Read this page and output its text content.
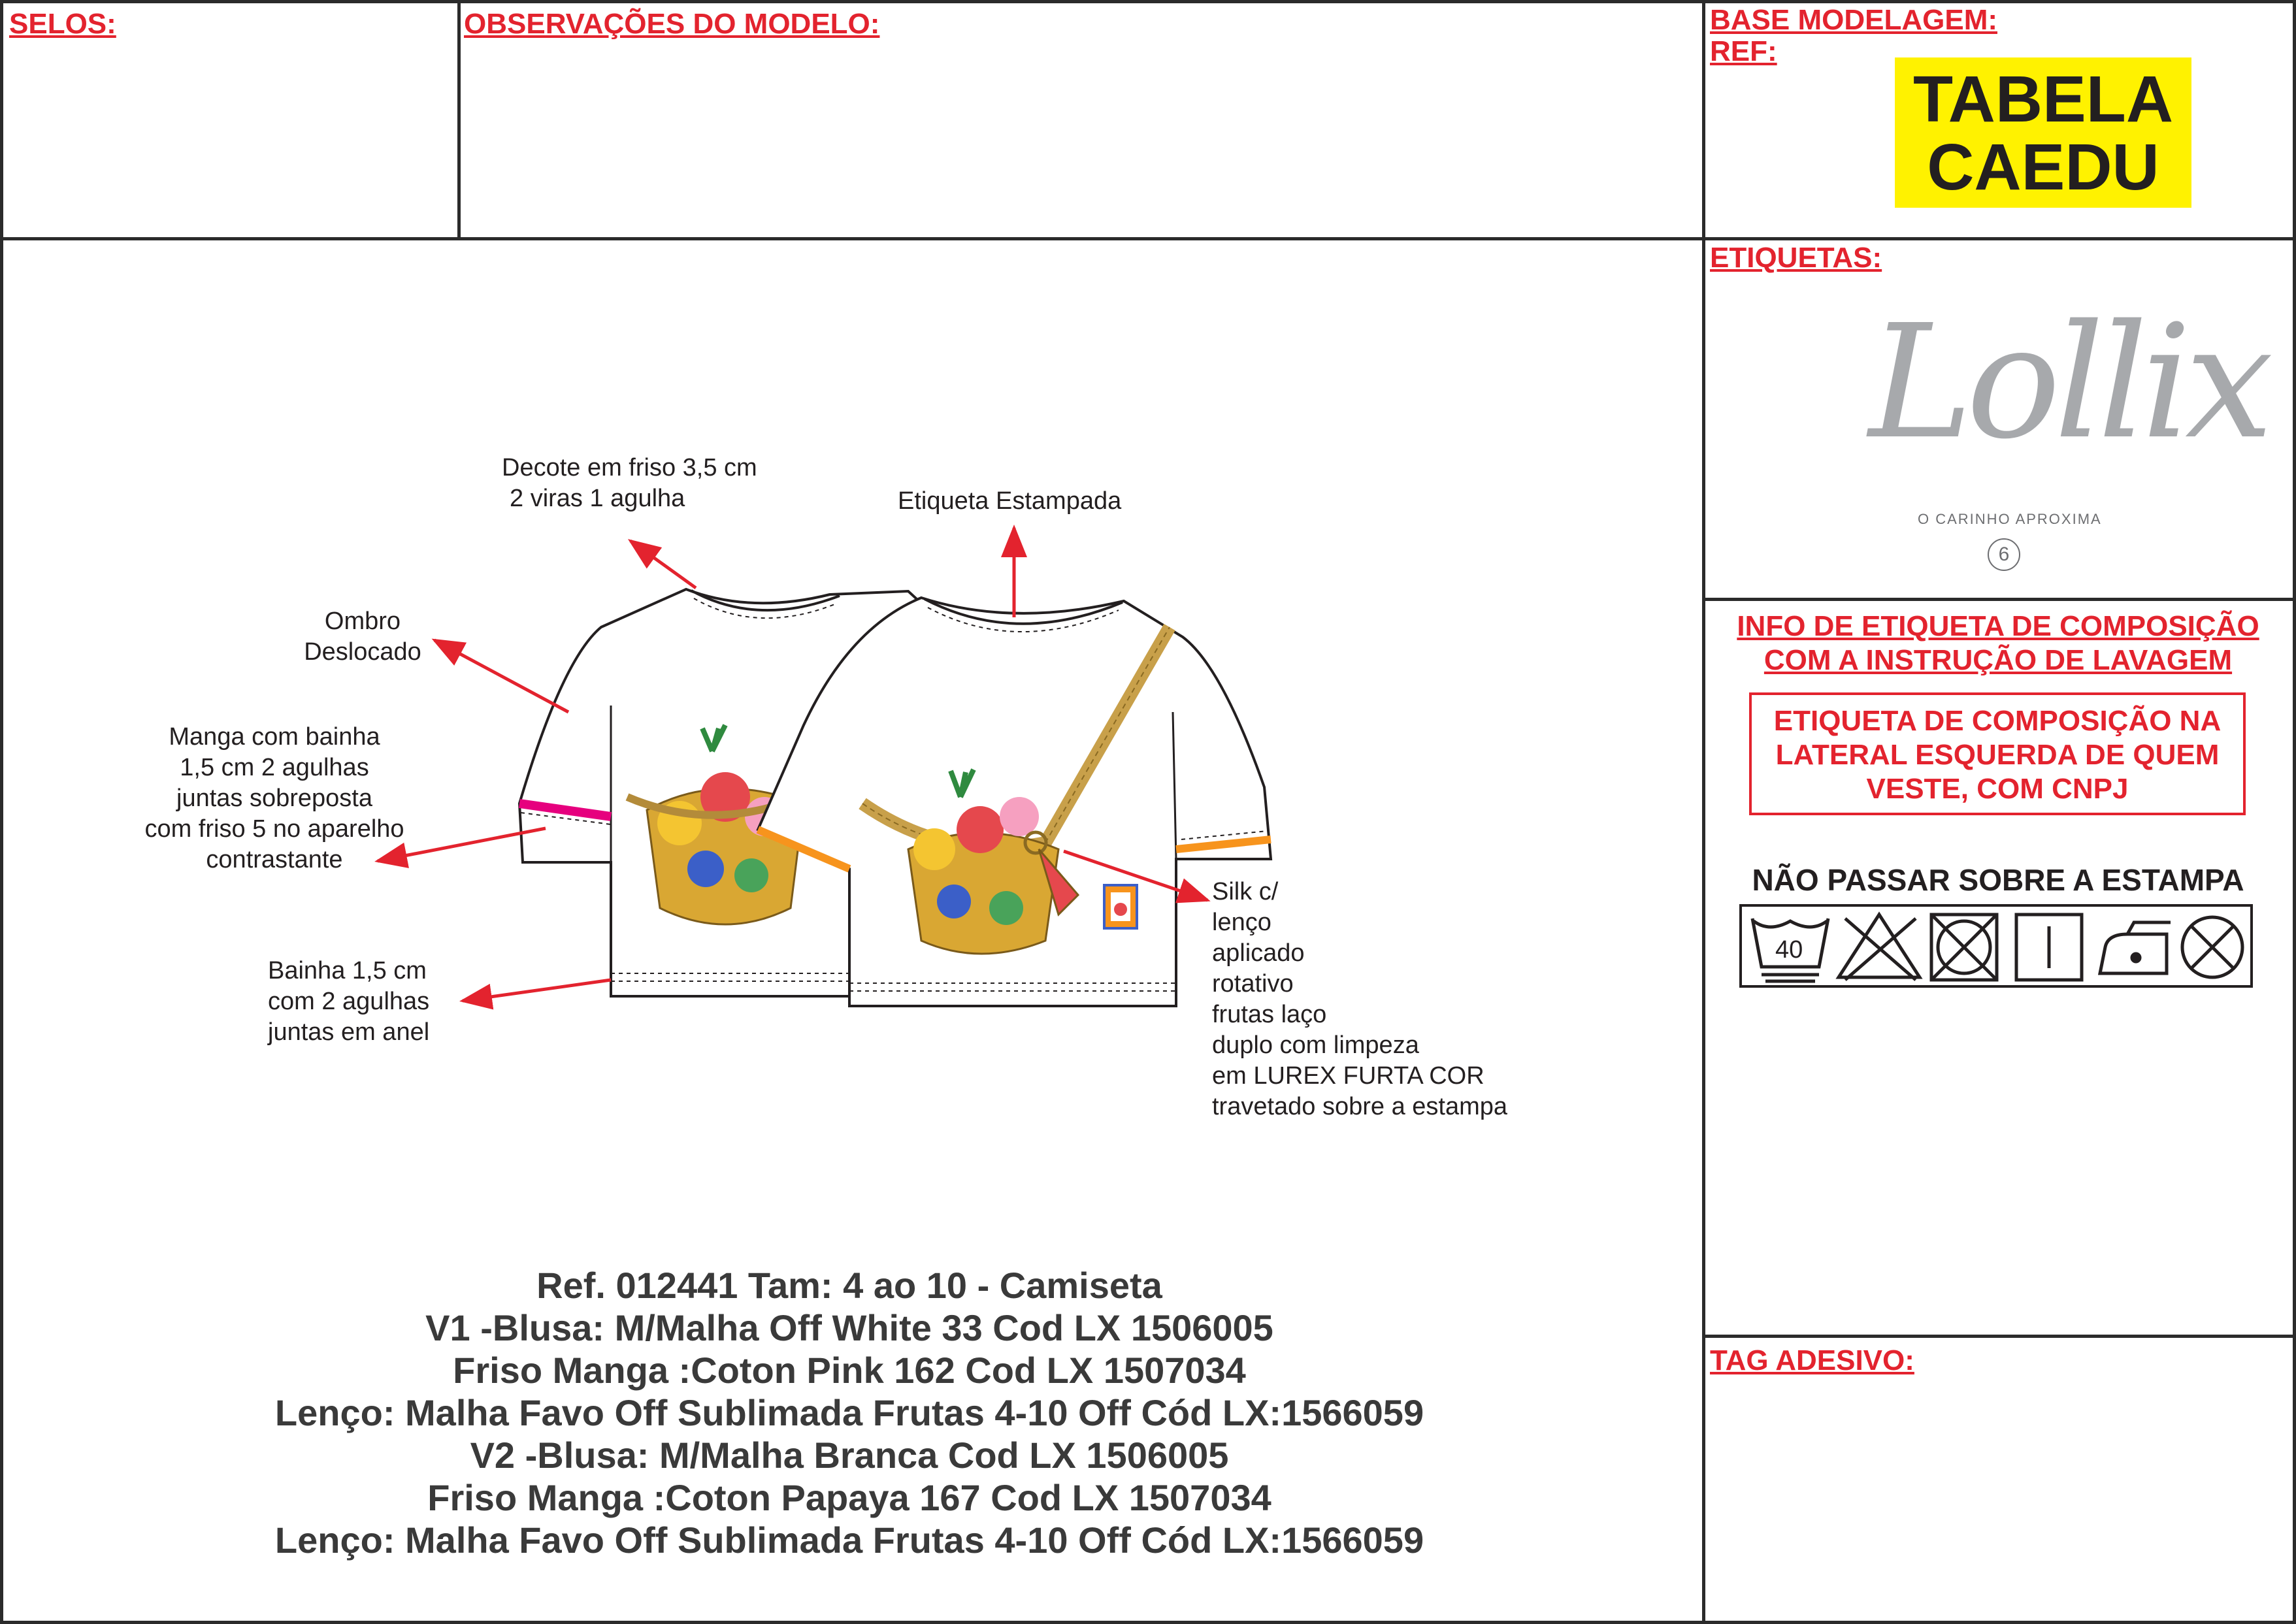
SELOS:	OBSERVAÇÕES DO MODELO:	BASE MODELAGEM:
REF:
TABELA
CAEDU
ETIQUETAS:
Lollix
O CARINHO APROXIMA
6
INFO DE ETIQUETA DE COMPOSIÇÃO
COM A INSTRUÇÃO DE LAVAGEM
ETIQUETA DE COMPOSIÇÃO NA
LATERAL ESQUERDA DE QUEM
VESTE, COM CNPJ
NÃO PASSAR SOBRE A ESTAMPA
40
TAG ADESIVO:
Decote em friso 3,5 cm
2 viras 1 agulha	Etiqueta Estampada
Ombro
Deslocado
Manga com bainha
1,5 cm 2 agulhas
juntas sobreposta
com friso 5 no aparelho
contrastante
Bainha 1,5 cm
com 2 agulhas
juntas em anel
Silk c/
lenço
aplicado
rotativo
frutas laço
duplo com limpeza
em LUREX FURTA COR
travetado sobre a estampa
Ref. 012441 Tam: 4 ao 10 - Camiseta
V1 -Blusa: M/Malha Off White 33 Cod LX 1506005
Friso Manga :Coton Pink 162 Cod LX 1507034
Lenço: Malha Favo Off Sublimada Frutas 4-10 Off Cód LX:1566059
V2 -Blusa: M/Malha Branca Cod LX 1506005
Friso Manga :Coton Papaya 167 Cod LX 1507034
Lenço: Malha Favo Off Sublimada Frutas 4-10 Off Cód LX:1566059
